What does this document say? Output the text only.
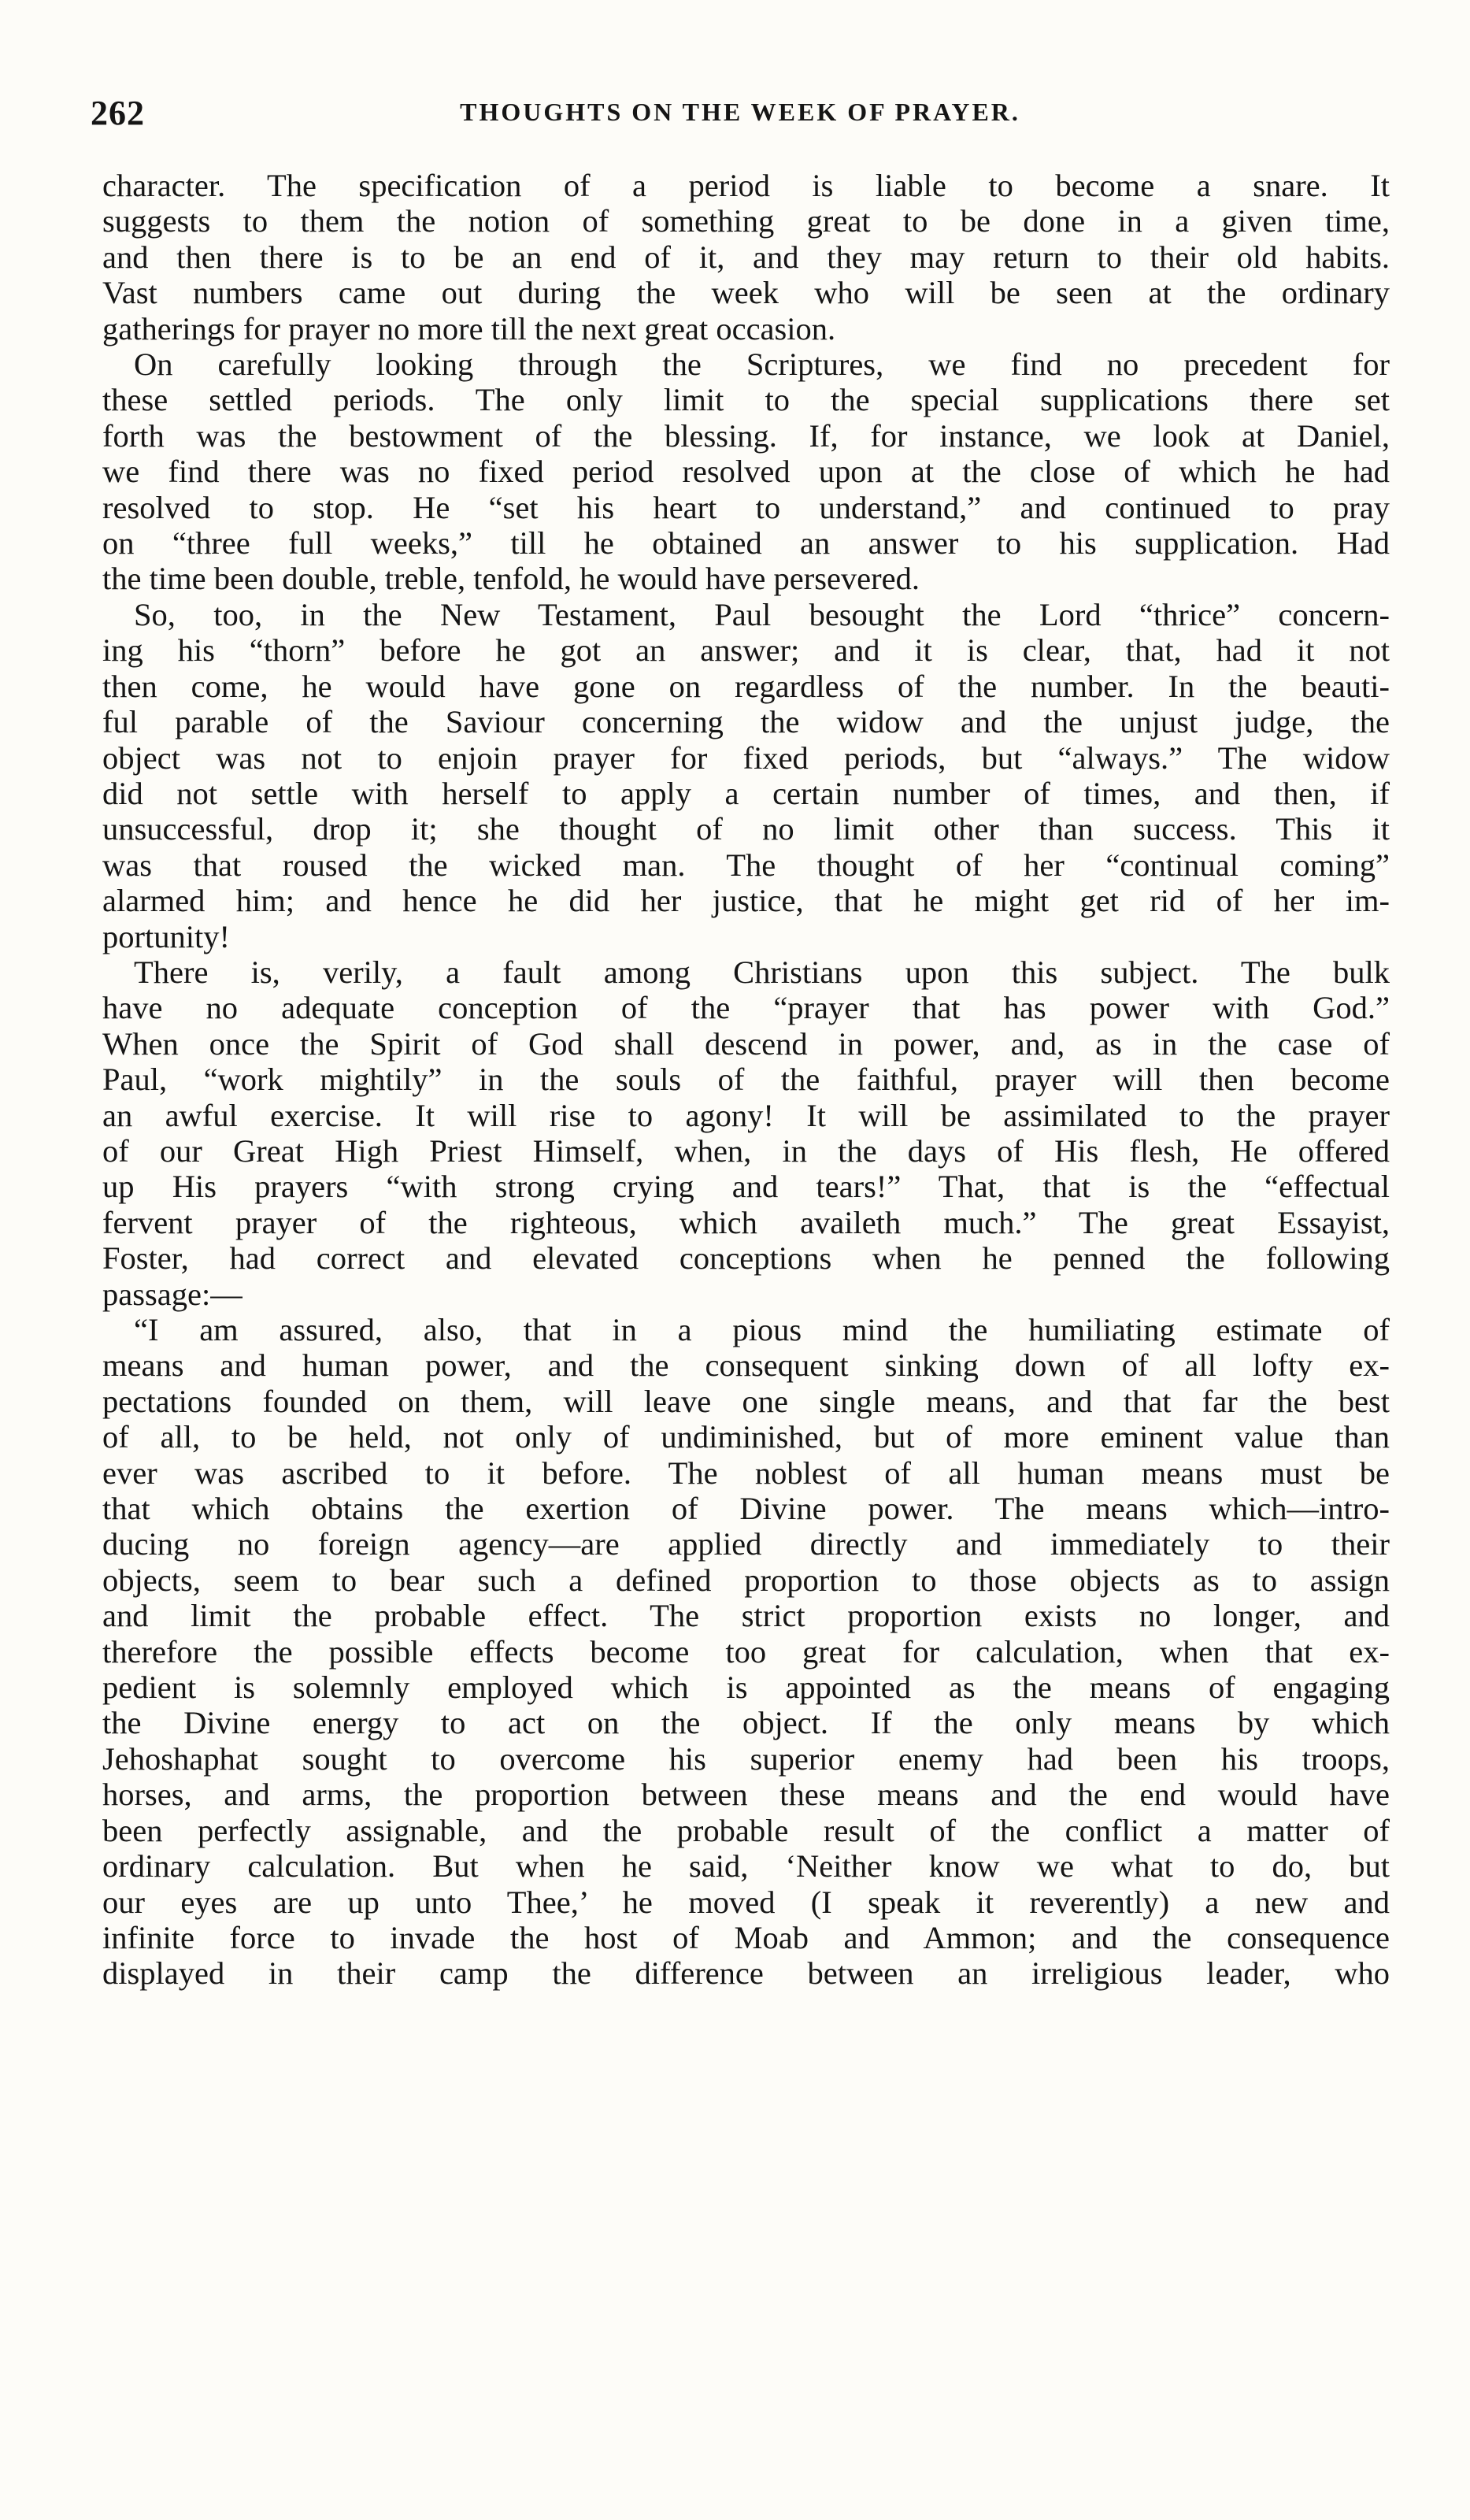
262	THOUGHTS ON THE WEEK OF PRAYER.
character. The specification of a period is liable to become a snare. It
suggests to them the notion of something great to be done in a given time,
and then there is to be an end of it, and they may return to their old habits.
Vast numbers came out during the week who will be seen at the ordinary
gatherings for prayer no more till the next great occasion.
On carefully looking through the Scriptures, we find no precedent for
these settled periods. The only limit to the special supplications there set
forth was the bestowment of the blessing. If, for instance, we look at Daniel,
we find there was no fixed period resolved upon at the close of which he had
resolved to stop. He “set his heart to understand,” and continued to pray
on “three full weeks,” till he obtained an answer to his supplication. Had
the time been double, treble, tenfold, he would have persevered.
So, too, in the New Testament, Paul besought the Lord “thrice” concern-
ing his “thorn” before he got an answer; and it is clear, that, had it not
then come, he would have gone on regardless of the number. In the beauti-
ful parable of the Saviour concerning the widow and the unjust judge, the
object was not to enjoin prayer for fixed periods, but “always.” The widow
did not settle with herself to apply a certain number of times, and then, if
unsuccessful, drop it; she thought of no limit other than success. This it
was that roused the wicked man. The thought of her “continual coming”
alarmed him; and hence he did her justice, that he might get rid of her im-
portunity!
There is, verily, a fault among Christians upon this subject. The bulk
have no adequate conception of the “prayer that has power with God.”
When once the Spirit of God shall descend in power, and, as in the case of
Paul, “work mightily” in the souls of the faithful, prayer will then become
an awful exercise. It will rise to agony! It will be assimilated to the prayer
of our Great High Priest Himself, when, in the days of His flesh, He offered
up His prayers “with strong crying and tears!” That, that is the “effectual
fervent prayer of the righteous, which availeth much.” The great Essayist,
Foster, had correct and elevated conceptions when he penned the following
passage:—
“I am assured, also, that in a pious mind the humiliating estimate of
means and human power, and the consequent sinking down of all lofty ex-
pectations founded on them, will leave one single means, and that far the best
of all, to be held, not only of undiminished, but of more eminent value than
ever was ascribed to it before. The noblest of all human means must be
that which obtains the exertion of Divine power. The means which—intro-
ducing no foreign agency—are applied directly and immediately to their
objects, seem to bear such a defined proportion to those objects as to assign
and limit the probable effect. The strict proportion exists no longer, and
therefore the possible effects become too great for calculation, when that ex-
pedient is solemnly employed which is appointed as the means of engaging
the Divine energy to act on the object. If the only means by which
Jehoshaphat sought to overcome his superior enemy had been his troops,
horses, and arms, the proportion between these means and the end would have
been perfectly assignable, and the probable result of the conflict a matter of
ordinary calculation. But when he said, ‘Neither know we what to do, but
our eyes are up unto Thee,’ he moved (I speak it reverently) a new and
infinite force to invade the host of Moab and Ammon; and the consequence
displayed in their camp the difference between an irreligious leader, who
